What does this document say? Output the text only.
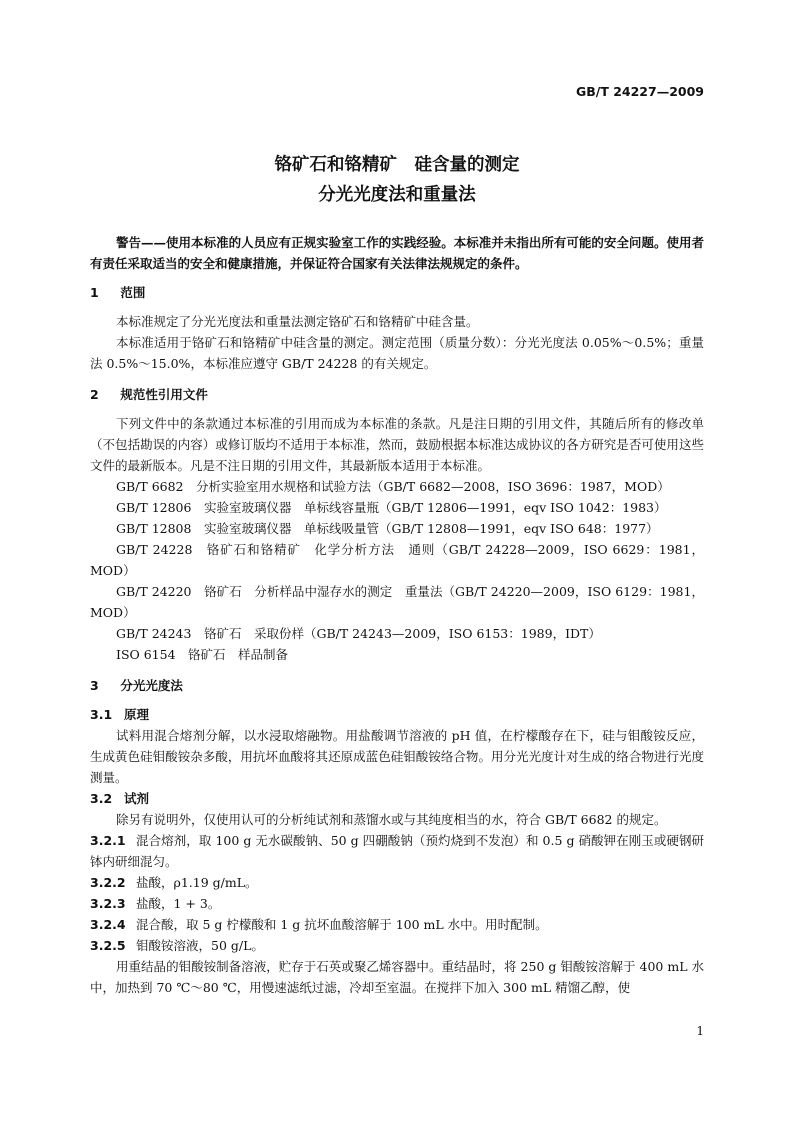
GB/T 24227—2009
铬矿石和铬精矿　硅含量的测定
分光光度法和重量法
警告——使用本标准的人员应有正规实验室工作的实践经验。本标准并未指出所有可能的安全问题。使用者有责任采取适当的安全和健康措施，并保证符合国家有关法律法规规定的条件。
1 范围
本标准规定了分光光度法和重量法测定铬矿石和铬精矿中硅含量。
本标准适用于铬矿石和铬精矿中硅含量的测定。测定范围（质量分数）：分光光度法 0.05%～0.5%；重量法 0.5%～15.0%，本标准应遵守 GB/T 24228 的有关规定。
2 规范性引用文件
下列文件中的条款通过本标准的引用而成为本标准的条款。凡是注日期的引用文件，其随后所有的修改单（不包括勘误的内容）或修订版均不适用于本标准，然而，鼓励根据本标准达成协议的各方研究是否可使用这些文件的最新版本。凡是不注日期的引用文件，其最新版本适用于本标准。
GB/T 6682　分析实验室用水规格和试验方法（GB/T 6682—2008，ISO 3696：1987，MOD）
GB/T 12806　实验室玻璃仪器　单标线容量瓶（GB/T 12806—1991，eqv ISO 1042：1983）
GB/T 12808　实验室玻璃仪器　单标线吸量管（GB/T 12808—1991，eqv ISO 648：1977）
GB/T 24228　铬矿石和铬精矿　化学分析方法　通则（GB/T 24228—2009，ISO 6629：1981，MOD）
GB/T 24220　铬矿石　分析样品中湿存水的测定　重量法（GB/T 24220—2009，ISO 6129：1981，MOD）
GB/T 24243　铬矿石　采取份样（GB/T 24243—2009，ISO 6153：1989，IDT）
ISO 6154　铬矿石　样品制备
3 分光光度法
3.1 原理
试料用混合熔剂分解，以水浸取熔融物。用盐酸调节溶液的 pH 值，在柠檬酸存在下，硅与钼酸铵反应，生成黄色硅钼酸铵杂多酸，用抗坏血酸将其还原成蓝色硅钼酸铵络合物。用分光光度计对生成的络合物进行光度测量。
3.2 试剂
除另有说明外，仅使用认可的分析纯试剂和蒸馏水或与其纯度相当的水，符合 GB/T 6682 的规定。
3.2.1 混合熔剂，取 100 g 无水碳酸钠、50 g 四硼酸钠（预灼烧到不发泡）和 0.5 g 硝酸钾在刚玉或硬钢研钵内研细混匀。
3.2.2 盐酸，ρ1.19 g/mL。
3.2.3 盐酸，1 + 3。
3.2.4 混合酸，取 5 g 柠檬酸和 1 g 抗坏血酸溶解于 100 mL 水中。用时配制。
3.2.5 钼酸铵溶液，50 g/L。
用重结晶的钼酸铵制备溶液，贮存于石英或聚乙烯容器中。重结晶时，将 250 g 钼酸铵溶解于 400 mL 水中，加热到 70 ℃～80 ℃，用慢速滤纸过滤，冷却至室温。在搅拌下加入 300 mL 精馏乙醇，使
1
